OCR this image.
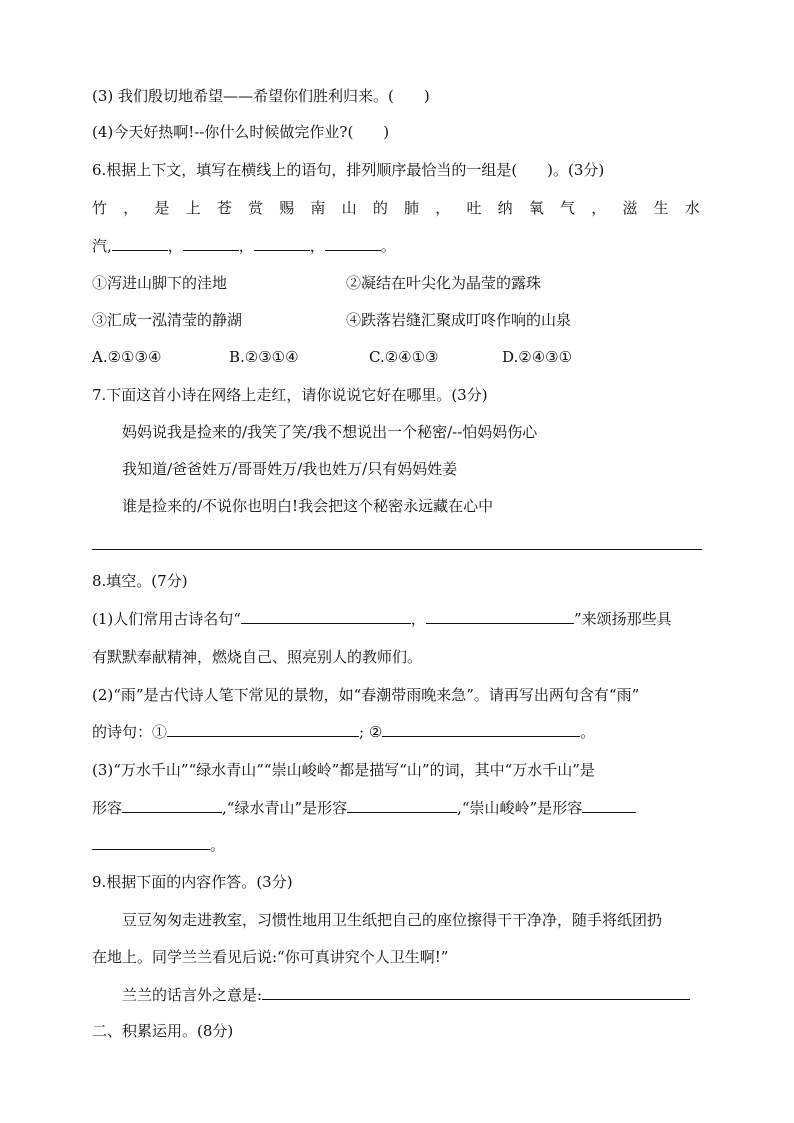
(3) 我们殷切地希望——希望你们胜利归来。(　　)
(4)今天好热啊!--你什么时候做完作业?(　　)
6.根据上下文，填写在横线上的语句，排列顺序最恰当的一组是(　　)。(3分)
竹 ， 是 上 苍 赏 赐 南 山 的 肺 ， 吐 纳 氧 气 ， 滋 生 水
汽,	，	，	，	。
①泻进山脚下的洼地	②凝结在叶尖化为晶莹的露珠
③汇成一泓清莹的静湖	④跌落岩缝汇聚成叮咚作响的山泉
A.②①③④	B.②③①④	C.②④①③	D.②④③①
7.下面这首小诗在网络上走红，请你说说它好在哪里。(3分)
妈妈说我是捡来的/我笑了笑/我不想说出一个秘密/--怕妈妈伤心
我知道/爸爸姓万/哥哥姓万/我也姓万/只有妈妈姓姜
谁是捡来的/不说你也明白!我会把这个秘密永远藏在心中
8.填空。(7分)
(1)人们常用古诗名句“	，	”来颂扬那些具
有默默奉献精神，燃烧自己、照亮别人的教师们。
(2)“雨”是古代诗人笔下常见的景物，如“春潮带雨晚来急”。请再写出两句含有“雨”
的诗句：①	; ②	。
(3)“万水千山”“绿水青山”“崇山峻岭”都是描写“山”的词，其中“万水千山”是
形容	,“绿水青山”是形容	,“崇山峻岭”是形容
。
9.根据下面的内容作答。(3分)
豆豆匆匆走进教室，习惯性地用卫生纸把自己的座位擦得干干净净，随手将纸团扔
在地上。同学兰兰看见后说:“你可真讲究个人卫生啊!”
兰兰的话言外之意是:
二、积累运用。(8分)
